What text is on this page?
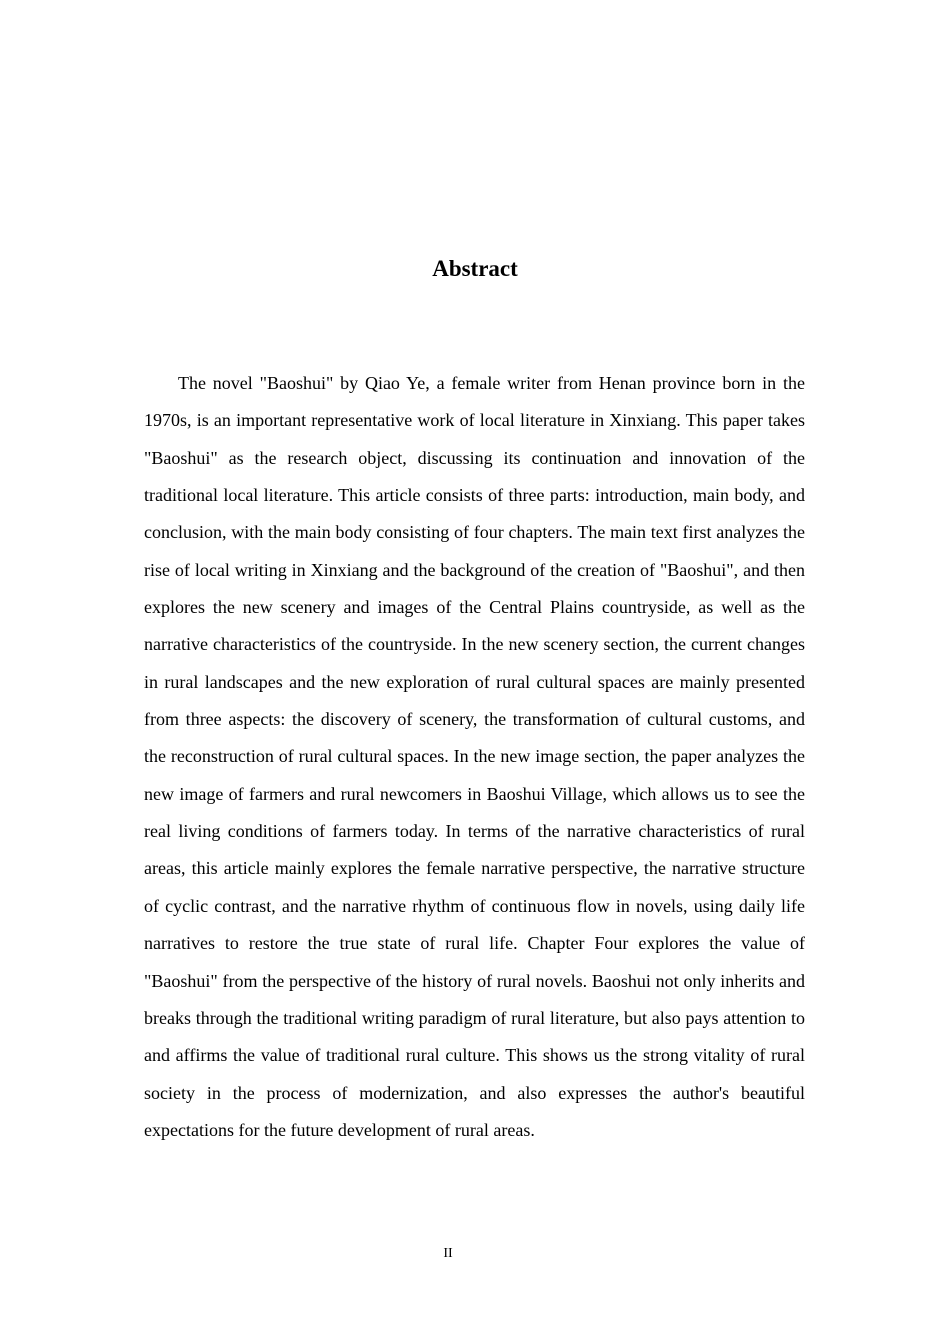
Abstract

The novel "Baoshui" by Qiao Ye, a female writer from Henan province born in the 1970s, is an important representative work of local literature in Xinxiang. This paper takes "Baoshui" as the research object, discussing its continuation and innovation of the traditional local literature. This article consists of three parts: introduction, main body, and conclusion, with the main body consisting of four chapters. The main text first analyzes the rise of local writing in Xinxiang and the background of the creation of "Baoshui", and then explores the new scenery and images of the Central Plains countryside, as well as the narrative characteristics of the countryside. In the new scenery section, the current changes in rural landscapes and the new exploration of rural cultural spaces are mainly presented from three aspects: the discovery of scenery, the transformation of cultural customs, and the reconstruction of rural cultural spaces. In the new image section, the paper analyzes the new image of farmers and rural newcomers in Baoshui Village, which allows us to see the real living conditions of farmers today. In terms of the narrative characteristics of rural areas, this article mainly explores the female narrative perspective, the narrative structure of cyclic contrast, and the narrative rhythm of continuous flow in novels, using daily life narratives to restore the true state of rural life. Chapter Four explores the value of "Baoshui" from the perspective of the history of rural novels. Baoshui not only inherits and breaks through the traditional writing paradigm of rural literature, but also pays attention to and affirms the value of traditional rural culture. This shows us the strong vitality of rural society in the process of modernization, and also expresses the author's beautiful expectations for the future development of rural areas.

II
